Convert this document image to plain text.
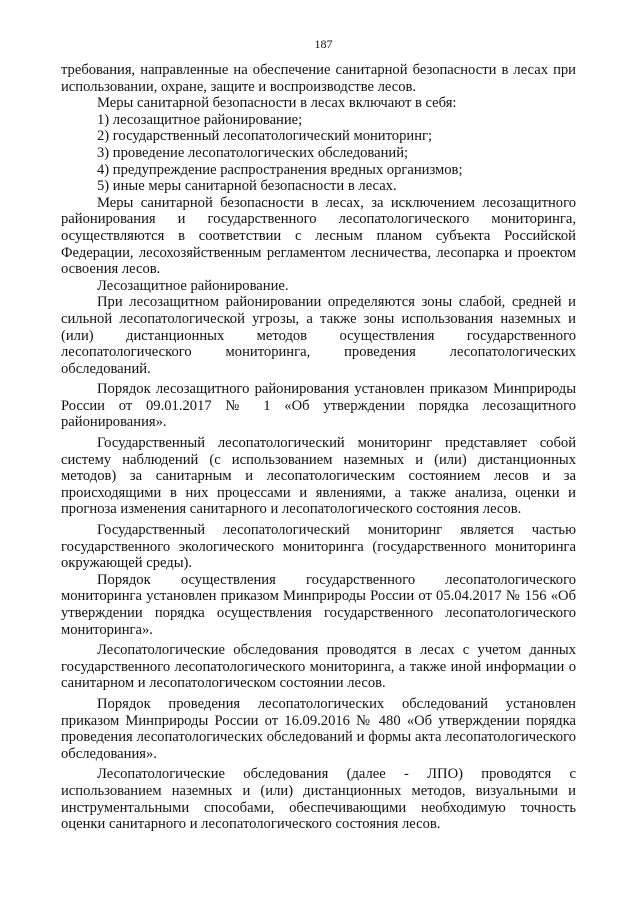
187

требования, направленные на обеспечение санитарной безопасности в лесах при использовании, охране, защите и воспроизводстве лесов.

Меры санитарной безопасности в лесах включают в себя:

1) лесозащитное районирование;

2) государственный лесопатологический мониторинг;

3) проведение лесопатологических обследований;

4) предупреждение распространения вредных организмов;

5) иные меры санитарной безопасности в лесах.

Меры санитарной безопасности в лесах, за исключением лесозащитного районирования и государственного лесопатологического мониторинга, осуществляются в соответствии с лесным планом субъекта Российской Федерации, лесохозяйственным регламентом лесничества, лесопарка и проектом освоения лесов.

Лесозащитное районирование.

При лесозащитном районировании определяются зоны слабой, средней и сильной лесопатологической угрозы, а также зоны использования наземных и (или) дистанционных методов осуществления государственного лесопатологического мониторинга, проведения лесопатологических обследований.

Порядок лесозащитного районирования установлен приказом Минприроды России от 09.01.2017 № 1 «Об утверждении порядка лесозащитного районирования».

Государственный лесопатологический мониторинг представляет собой систему наблюдений (с использованием наземных и (или) дистанционных методов) за санитарным и лесопатологическим состоянием лесов и за происходящими в них процессами и явлениями, а также анализа, оценки и прогноза изменения санитарного и лесопатологического состояния лесов.

Государственный лесопатологический мониторинг является частью государственного экологического мониторинга (государственного мониторинга окружающей среды).

Порядок осуществления государственного лесопатологического мониторинга установлен приказом Минприроды России от 05.04.2017 № 156 «Об утверждении порядка осуществления государственного лесопатологического мониторинга».

Лесопатологические обследования проводятся в лесах с учетом данных государственного лесопатологического мониторинга, а также иной информации о санитарном и лесопатологическом состоянии лесов.

Порядок проведения лесопатологических обследований установлен приказом Минприроды России от 16.09.2016 № 480 «Об утверждении порядка проведения лесопатологических обследований и формы акта лесопатологического обследования».

Лесопатологические обследования (далее - ЛПО) проводятся с использованием наземных и (или) дистанционных методов, визуальными и инструментальными способами, обеспечивающими необходимую точность оценки санитарного и лесопатологического состояния лесов.
